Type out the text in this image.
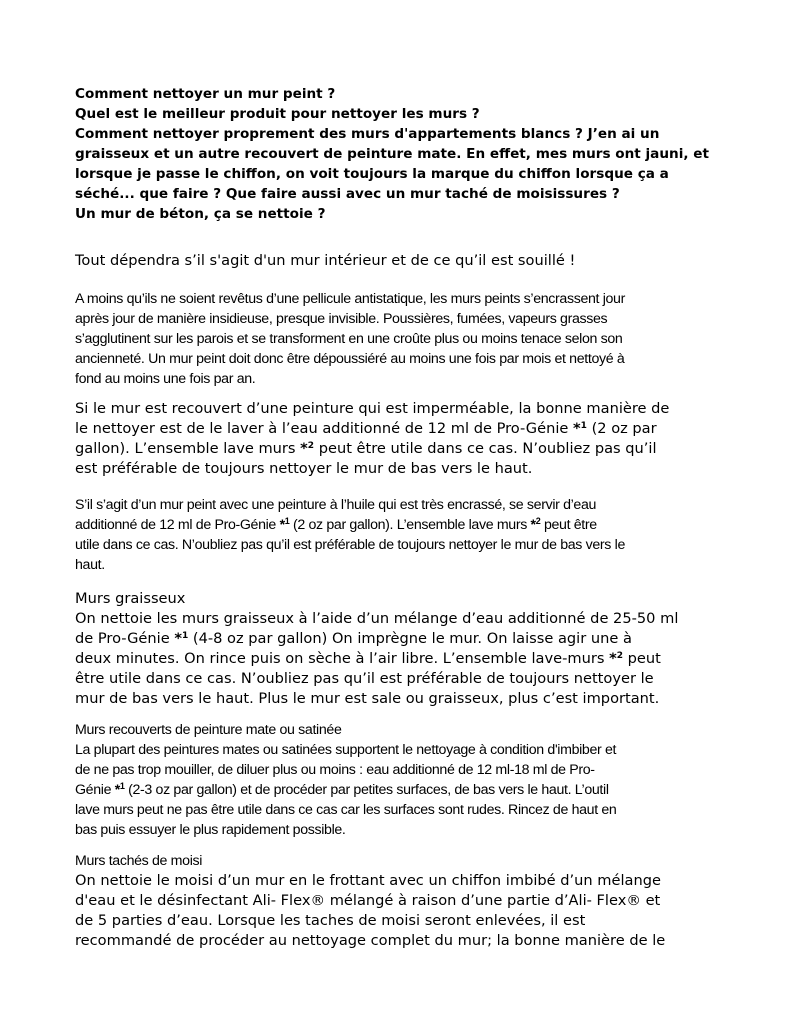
Comment nettoyer un mur peint ?
Quel est le meilleur produit pour nettoyer les murs ?
Comment nettoyer proprement des murs d'appartements blancs ? J’en ai un
graisseux et un autre recouvert de peinture mate. En effet, mes murs ont jauni, et
lorsque je passe le chiffon, on voit toujours la marque du chiffon lorsque ça a
séché... que faire ? Que faire aussi avec un mur taché de moisissures ?
Un mur de béton, ça se nettoie ?
Tout dépendra s’il s'agit d'un mur intérieur et de ce qu’il est souillé !
A moins qu’ils ne soient revêtus d’une pellicule antistatique, les murs peints s’encrassent jour
après jour de manière insidieuse, presque invisible. Poussières, fumées, vapeurs grasses
s’agglutinent sur les parois et se transforment en une croûte plus ou moins tenace selon son
ancienneté. Un mur peint doit donc être dépoussiéré au moins une fois par mois et nettoyé à
fond au moins une fois par an.
Si le mur est recouvert d’une peinture qui est imperméable, la bonne manière de
le nettoyer est de le laver à l’eau additionné de 12 ml de Pro-Génie *$^1$ (2 oz par
gallon). L’ensemble lave murs *$^2$ peut être utile dans ce cas. N’oubliez pas qu’il
est préférable de toujours nettoyer le mur de bas vers le haut.
S’il s’agit d’un mur peint avec une peinture à l’huile qui est très encrassé, se servir d’eau
additionné de 12 ml de Pro-Génie *$^1$ (2 oz par gallon). L’ensemble lave murs *$^2$ peut être
utile dans ce cas. N’oubliez pas qu’il est préférable de toujours nettoyer le mur de bas vers le
haut.
Murs graisseux
On nettoie les murs graisseux à l’aide d’un mélange d’eau additionné de 25-50 ml
de Pro-Génie *$^1$ (4-8 oz par gallon) On imprègne le mur. On laisse agir une à
deux minutes. On rince puis on sèche à l’air libre. L’ensemble lave-murs *$^2$ peut
être utile dans ce cas. N’oubliez pas qu’il est préférable de toujours nettoyer le
mur de bas vers le haut. Plus le mur est sale ou graisseux, plus c’est important.
Murs recouverts de peinture mate ou satinée
La plupart des peintures mates ou satinées supportent le nettoyage à condition d'imbiber et
de ne pas trop mouiller, de diluer plus ou moins : eau additionné de 12 ml-18 ml de Pro-
Génie *$^1$ (2-3 oz par gallon) et de procéder par petites surfaces, de bas vers le haut. L’outil
lave murs peut ne pas être utile dans ce cas car les surfaces sont rudes. Rincez de haut en
bas puis essuyer le plus rapidement possible.
Murs tachés de moisi
On nettoie le moisi d’un mur en le frottant avec un chiffon imbibé d’un mélange
d'eau et le désinfectant Ali- Flex® mélangé à raison d’une partie d’Ali- Flex® et
de 5 parties d’eau. Lorsque les taches de moisi seront enlevées, il est
recommandé de procéder au nettoyage complet du mur; la bonne manière de le
